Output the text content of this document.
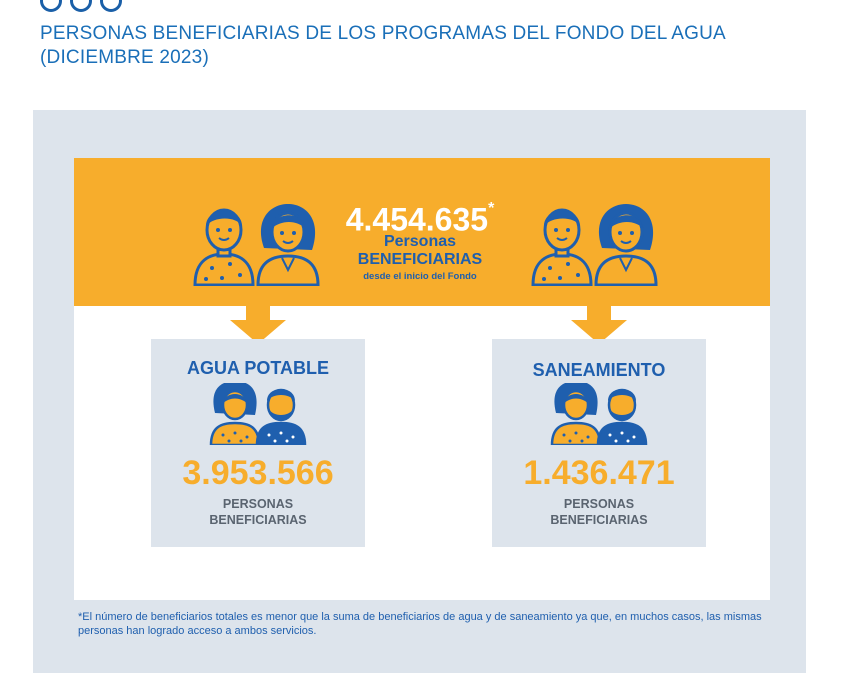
PERSONAS BENEFICIARIAS DE LOS PROGRAMAS DEL FONDO DEL AGUA
(DICIEMBRE 2023)
4.454.635*
Personas
BENEFICIARIAS
desde el inicio del Fondo
AGUA POTABLE
3.953.566
PERSONAS
BENEFICIARIAS
SANEAMIENTO
1.436.471
PERSONAS
BENEFICIARIAS
*El número de beneficiarios totales es menor que la suma de beneficiarios de agua y de saneamiento ya que, en muchos casos, las mismas personas han logrado acceso a ambos servicios.
